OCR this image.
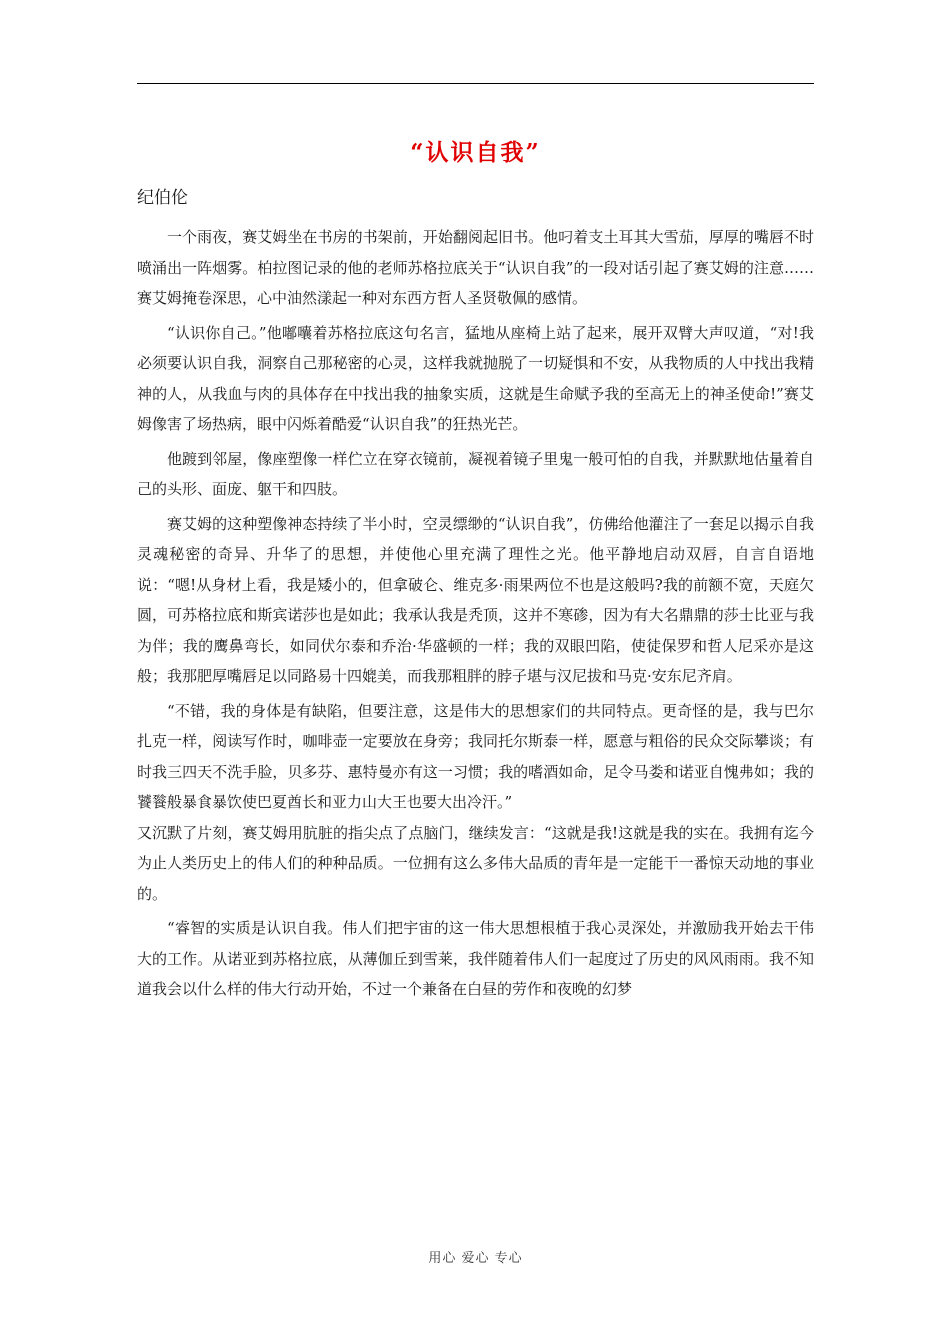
“认识自我”
纪伯伦

一个雨夜，赛艾姆坐在书房的书架前，开始翻阅起旧书。他叼着支土耳其大雪茄，厚厚的嘴唇不时喷涌出一阵烟雾。柏拉图记录的他的老师苏格拉底关于“认识自我”的一段对话引起了赛艾姆的注意……赛艾姆掩卷深思，心中油然漾起一种对东西方哲人圣贤敬佩的感情。

“认识你自己。”他嘟囔着苏格拉底这句名言，猛地从座椅上站了起来，展开双臂大声叹道，“对!我必须要认识自我，洞察自己那秘密的心灵，这样我就抛脱了一切疑惧和不安，从我物质的人中找出我精神的人，从我血与肉的具体存在中找出我的抽象实质，这就是生命赋予我的至高无上的神圣使命!”赛艾姆像害了场热病，眼中闪烁着酷爱“认识自我”的狂热光芒。

他踱到邻屋，像座塑像一样伫立在穿衣镜前，凝视着镜子里鬼一般可怕的自我，并默默地估量着自己的头形、面庞、躯干和四肢。

赛艾姆的这种塑像神态持续了半小时，空灵缥缈的“认识自我”，仿佛给他灌注了一套足以揭示自我灵魂秘密的奇异、升华了的思想，并使他心里充满了理性之光。他平静地启动双唇，自言自语地说：“嗯!从身材上看，我是矮小的，但拿破仑、维克多·雨果两位不也是这般吗?我的前额不宽，天庭欠圆，可苏格拉底和斯宾诺莎也是如此；我承认我是秃顶，这并不寒碜，因为有大名鼎鼎的莎士比亚与我为伴；我的鹰鼻弯长，如同伏尔泰和乔治·华盛顿的一样；我的双眼凹陷，使徒保罗和哲人尼采亦是这般；我那肥厚嘴唇足以同路易十四媲美，而我那粗胖的脖子堪与汉尼拔和马克·安东尼齐肩。

“不错，我的身体是有缺陷，但要注意，这是伟大的思想家们的共同特点。更奇怪的是，我与巴尔扎克一样，阅读写作时，咖啡壶一定要放在身旁；我同托尔斯泰一样，愿意与粗俗的民众交际攀谈；有时我三四天不洗手脸，贝多芬、惠特曼亦有这一习惯；我的嗜酒如命，足令马娄和诺亚自愧弗如；我的饕餮般暴食暴饮使巴夏酋长和亚力山大王也要大出冷汗。”

又沉默了片刻，赛艾姆用肮脏的指尖点了点脑门，继续发言：“这就是我!这就是我的实在。我拥有迄今为止人类历史上的伟人们的种种品质。一位拥有这么多伟大品质的青年是一定能干一番惊天动地的事业的。

“睿智的实质是认识自我。伟人们把宇宙的这一伟大思想根植于我心灵深处，并激励我开始去干伟大的工作。从诺亚到苏格拉底，从薄伽丘到雪莱，我伴随着伟人们一起度过了历史的风风雨雨。我不知道我会以什么样的伟大行动开始，不过一个兼备在白昼的劳作和夜晚的幻梦

用心 爱心 专心
